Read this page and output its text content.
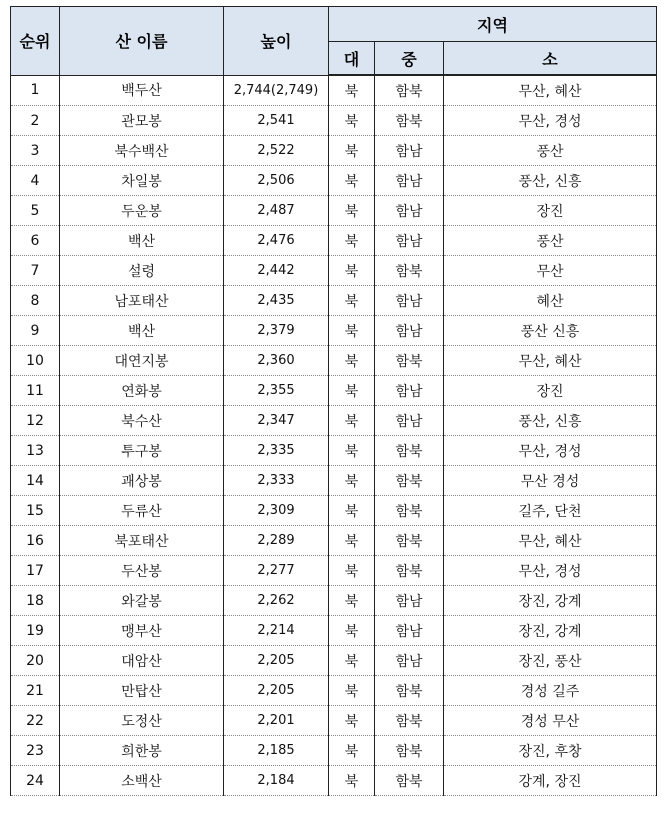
순위	산 이름	높이	지역		
			대	중	소
1	백두산	2,744(2,749)	북	함북	무산, 혜산
2	관모봉	2,541	북	함북	무산, 경성
3	북수백산	2,522	북	함남	풍산
4	차일봉	2,506	북	함남	풍산, 신흥
5	두운봉	2,487	북	함남	장진
6	백산	2,476	북	함남	풍산
7	설령	2,442	북	함북	무산
8	남포태산	2,435	북	함남	혜산
9	백산	2,379	북	함남	풍산 신흥
10	대연지봉	2,360	북	함북	무산, 혜산
11	연화봉	2,355	북	함남	장진
12	북수산	2,347	북	함남	풍산, 신흥
13	투구봉	2,335	북	함북	무산, 경성
14	괘상봉	2,333	북	함북	무산 경성
15	두류산	2,309	북	함북	길주, 단천
16	북포태산	2,289	북	함북	무산, 혜산
17	두산봉	2,277	북	함북	무산, 경성
18	와갈봉	2,262	북	함남	장진, 강계
19	맹부산	2,214	북	함남	장진, 강계
20	대암산	2,205	북	함남	장진, 풍산
21	만탑산	2,205	북	함북	경성 길주
22	도정산	2,201	북	함북	경성 무산
23	희한봉	2,185	북	함북	장진, 후창
24	소백산	2,184	북	함북	강계, 장진
